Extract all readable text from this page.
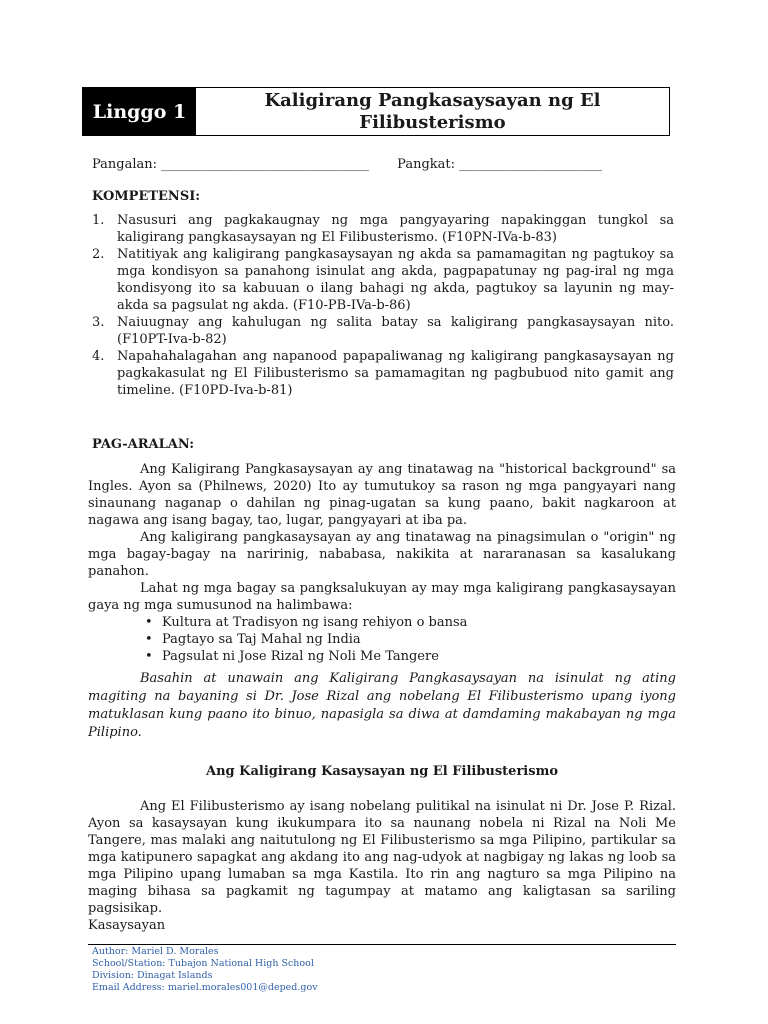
Linggo 1
Kaligirang Pangkasaysayan ng El
Filibusterismo
Pangalan: ________________________________ Pangkat: ______________________
KOMPETENSI:
1. Nasusuri ang pagkakaugnay ng mga pangyayaring napakinggan tungkol sa kaligirang pangkasaysayan ng El Filibusterismo. (F10PN-IVa-b-83)
2. Natitiyak ang kaligirang pangkasaysayan ng akda sa pamamagitan ng pagtukoy sa mga kondisyon sa panahong isinulat ang akda, pagpapatunay ng pag-iral ng mga kondisyong ito sa kabuuan o ilang bahagi ng akda, pagtukoy sa layunin ng may-akda sa pagsulat ng akda. (F10-PB-IVa-b-86)
3. Naiuugnay ang kahulugan ng salita batay sa kaligirang pangkasaysayan nito. (F10PT-Iva-b-82)
4. Napahahalagahan ang napanood papapaliwanag ng kaligirang pangkasaysayan ng pagkakasulat ng El Filibusterismo sa pamamagitan ng pagbubuod nito gamit ang timeline. (F10PD-Iva-b-81)
PAG-ARALAN:

Ang Kaligirang Pangkasaysayan ay ang tinatawag na "historical background" sa Ingles. Ayon sa (Philnews, 2020) Ito ay tumutukoy sa rason ng mga pangyayari nang sinaunang naganap o dahilan ng pinag-ugatan sa kung paano, bakit nagkaroon at nagawa ang isang bagay, tao, lugar, pangyayari at iba pa.

Ang kaligirang pangkasaysayan ay ang tinatawag na pinagsimulan o "origin" ng mga bagay-bagay na naririnig, nababasa, nakikita at nararanasan sa kasalukang panahon.

Lahat ng mga bagay sa pangksalukuyan ay may mga kaligirang pangkasaysayan gaya ng mga sumusunod na halimbawa:

• Kultura at Tradisyon ng isang rehiyon o bansa
• Pagtayo sa Taj Mahal ng India
• Pagsulat ni Jose Rizal ng Noli Me Tangere

Basahin at unawain ang Kaligirang Pangkasaysayan na isinulat ng ating magiting na bayaning si Dr. Jose Rizal ang nobelang El Filibusterismo upang iyong matuklasan kung paano ito binuo, napasigla sa diwa at damdaming makabayan ng mga Pilipino.

Ang Kaligirang Kasaysayan ng El Filibusterismo

Ang El Filibusterismo ay isang nobelang pulitikal na isinulat ni Dr. Jose P. Rizal. Ayon sa kasaysayan kung ikukumpara ito sa naunang nobela ni Rizal na Noli Me Tangere, mas malaki ang naitutulong ng El Filibusterismo sa mga Pilipino, partikular sa mga katipunero sapagkat ang akdang ito ang nag-udyok at nagbigay ng lakas ng loob sa mga Pilipino upang lumaban sa mga Kastila. Ito rin ang nagturo sa mga Pilipino na maging bihasa sa pagkamit ng tagumpay at matamo ang kaligtasan sa sariling pagsisikap.

Kasaysayan

Author: Mariel D. Morales
School/Station: Tubajon National High School
Division: Dinagat Islands
Email Address: mariel.morales001@deped.gov
